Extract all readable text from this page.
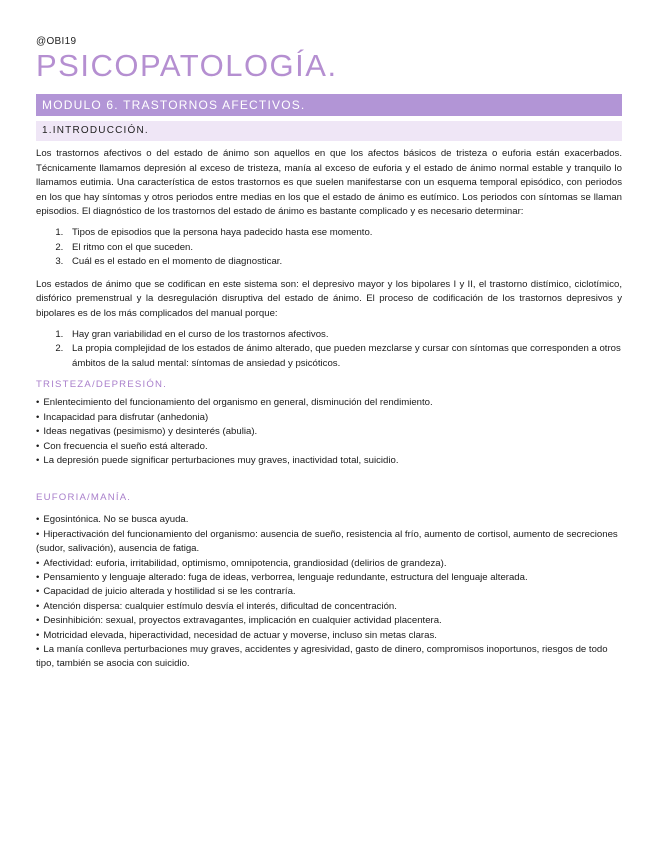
@OBI19

PSICOPATOLOGÍA.
MODULO 6. TRASTORNOS AFECTIVOS.
1.INTRODUCCIÓN.

Los trastornos afectivos o del estado de ánimo son aquellos en que los afectos básicos de tristeza o euforia están exacerbados. Técnicamente llamamos depresión al exceso de tristeza, manía al exceso de euforia y el estado de ánimo normal estable y tranquilo lo llamamos eutimia. Una característica de estos trastornos es que suelen manifestarse con un esquema temporal episódico, con periodos en los que hay síntomas y otros periodos entre medias en los que el estado de ánimo es eutímico. Los periodos con síntomas se llaman episodios. El diagnóstico de los trastornos del estado de ánimo es bastante complicado y es necesario determinar:

1. Tipos de episodios que la persona haya padecido hasta ese momento.
2. El ritmo con el que suceden.
3. Cuál es el estado en el momento de diagnosticar.

Los estados de ánimo que se codifican en este sistema son: el depresivo mayor y los bipolares I y II, el trastorno distímico, ciclotímico, disfórico premenstrual y la desregulación disruptiva del estado de ánimo. El proceso de codificación de los trastornos depresivos y bipolares es de los más complicados del manual porque:

1. Hay gran variabilidad en el curso de los trastornos afectivos.
2. La propia complejidad de los estados de ánimo alterado, que pueden mezclarse y cursar con síntomas que corresponden a otros ámbitos de la salud mental: síntomas de ansiedad y psicóticos.

TRISTEZA/DEPRESIÓN.

• Enlentecimiento del funcionamiento del organismo en general, disminución del rendimiento.
• Incapacidad para disfrutar (anhedonia)
• Ideas negativas (pesimismo) y desinterés (abulia).
• Con frecuencia el sueño está alterado.
• La depresión puede significar perturbaciones muy graves, inactividad total, suicidio.

EUFORIA/MANÍA.

• Egosintónica. No se busca ayuda.
• Hiperactivación del funcionamiento del organismo: ausencia de sueño, resistencia al frío, aumento de cortisol, aumento de secreciones (sudor, salivación), ausencia de fatiga.
• Afectividad: euforia, irritabilidad, optimismo, omnipotencia, grandiosidad (delirios de grandeza).
• Pensamiento y lenguaje alterado: fuga de ideas, verborrea, lenguaje redundante, estructura del lenguaje alterada.
• Capacidad de juicio alterada y hostilidad si se les contraría.
• Atención dispersa: cualquier estímulo desvía el interés, dificultad de concentración.
• Desinhibición: sexual, proyectos extravagantes, implicación en cualquier actividad placentera.
• Motricidad elevada, hiperactividad, necesidad de actuar y moverse, incluso sin metas claras.
• La manía conlleva perturbaciones muy graves, accidentes y agresividad, gasto de dinero, compromisos inoportunos, riesgos de todo tipo, también se asocia con suicidio.
